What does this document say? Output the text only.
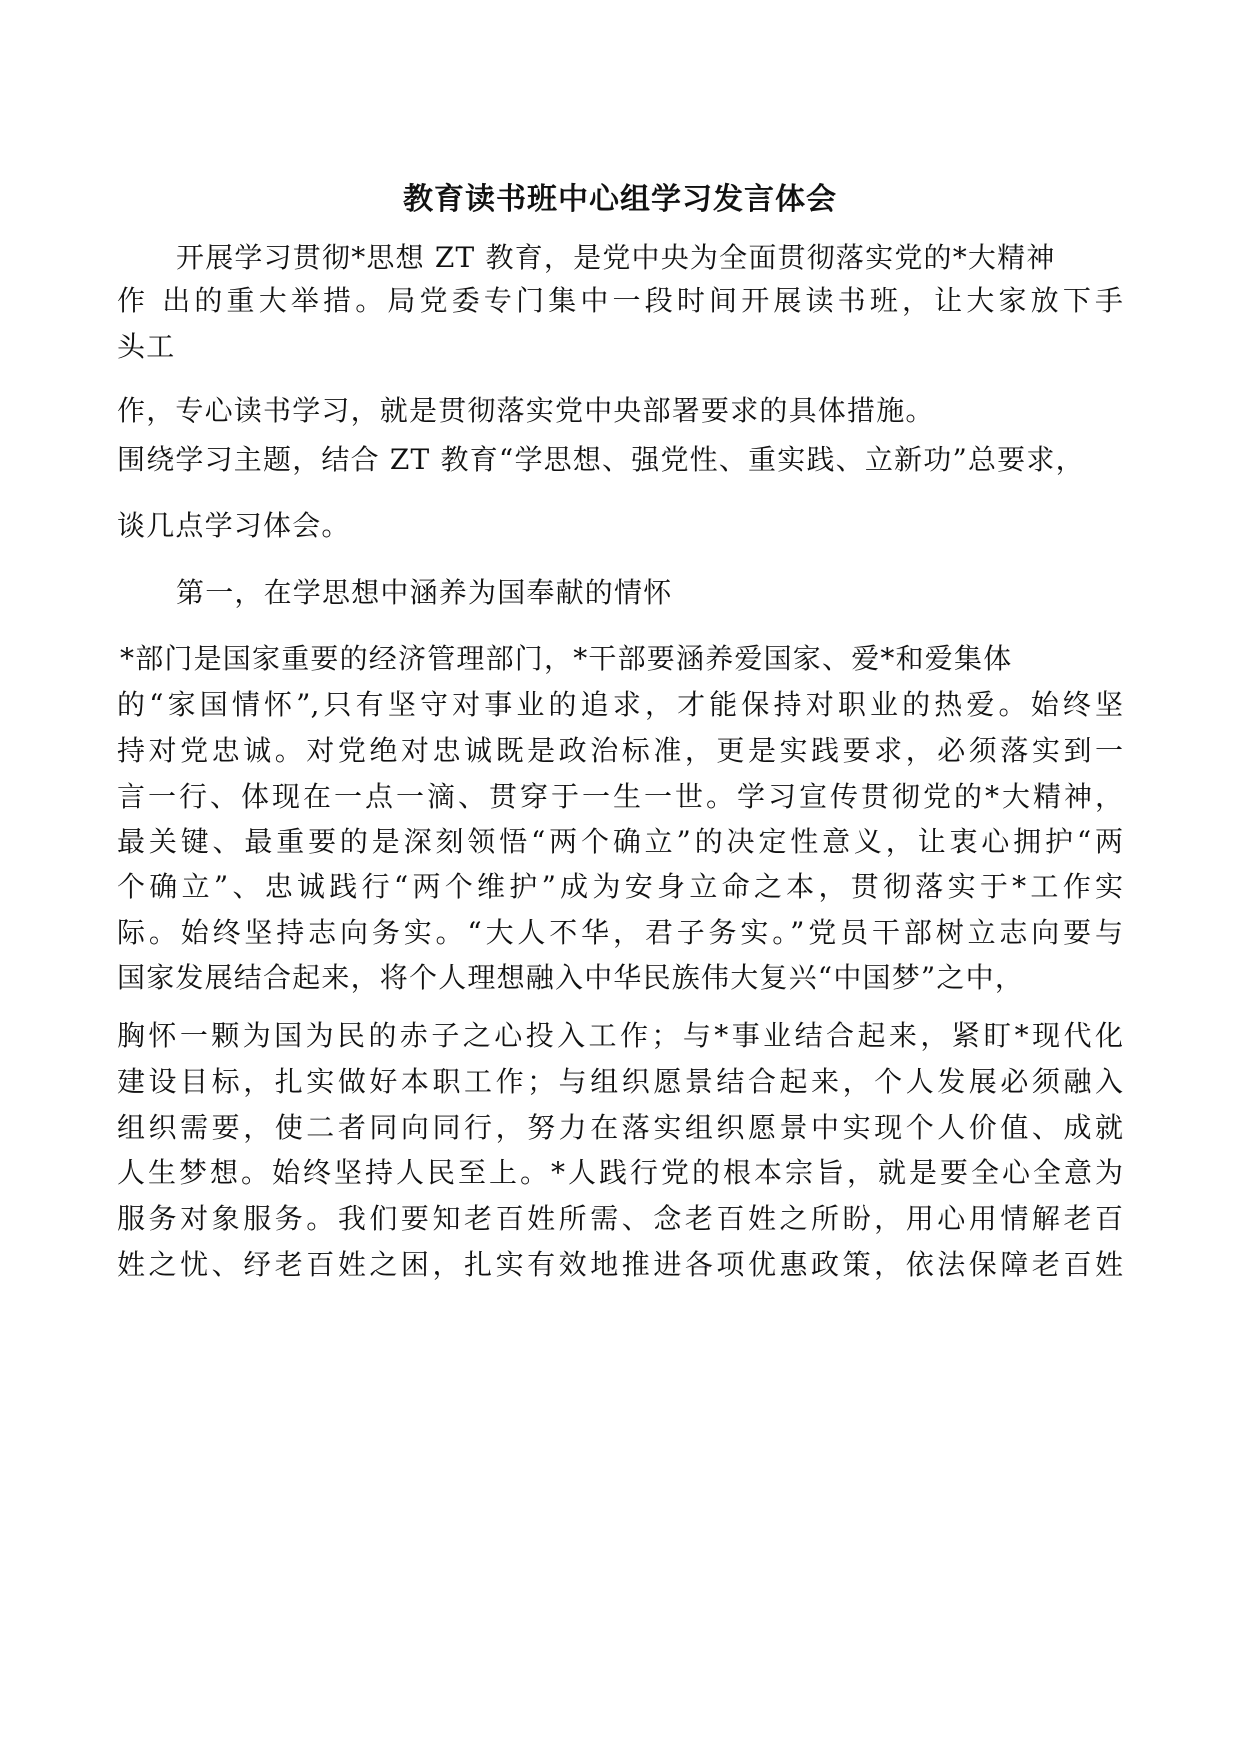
教育读书班中心组学习发言体会
开展学习贯彻*思想 ZT 教育，是党中央为全面贯彻落实党的*大精神
作 出的重大举措。局党委专门集中一段时间开展读书班，让大家放下手
头工
作，专心读书学习，就是贯彻落实党中央部署要求的具体措施。
围绕学习主题，结合 ZT 教育“学思想、强党性、重实践、立新功”总要求，
谈几点学习体会。
第一，在学思想中涵养为国奉献的情怀
*部门是国家重要的经济管理部门，*干部要涵养爱国家、爱*和爱集体
的“家国情怀”,只有坚守对事业的追求，才能保持对职业的热爱。始终坚
持对党忠诚。对党绝对忠诚既是政治标准，更是实践要求，必须落实到一
言一行、体现在一点一滴、贯穿于一生一世。学习宣传贯彻党的*大精神，
最关键、最重要的是深刻领悟“两个确立”的决定性意义，让衷心拥护“两
个确立”、忠诚践行“两个维护”成为安身立命之本，贯彻落实于*工作实
际。始终坚持志向务实。“大人不华，君子务实。”党员干部树立志向要与
国家发展结合起来，将个人理想融入中华民族伟大复兴“中国梦”之中，
胸怀一颗为国为民的赤子之心投入工作；与*事业结合起来，紧盯*现代化
建设目标，扎实做好本职工作；与组织愿景结合起来，个人发展必须融入
组织需要，使二者同向同行，努力在落实组织愿景中实现个人价值、成就
人生梦想。始终坚持人民至上。*人践行党的根本宗旨，就是要全心全意为
服务对象服务。我们要知老百姓所需、念老百姓之所盼，用心用情解老百
姓之忧、纾老百姓之困，扎实有效地推进各项优惠政策，依法保障老百姓
